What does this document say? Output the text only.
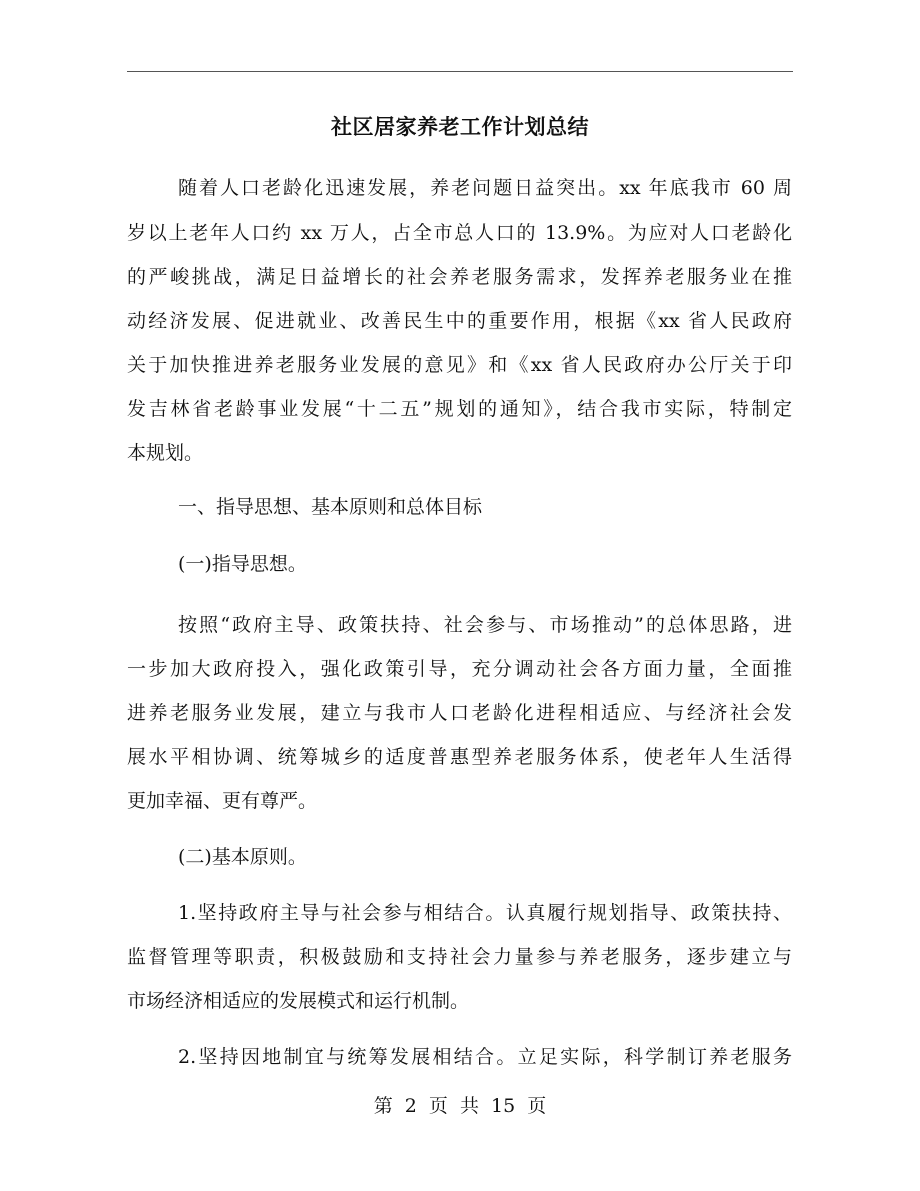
社区居家养老工作计划总结
随着人口老龄化迅速发展，养老问题日益突出。xx 年底我市 60 周
岁以上老年人口约 xx 万人，占全市总人口的 13.9%。为应对人口老龄化
的严峻挑战，满足日益增长的社会养老服务需求，发挥养老服务业在推
动经济发展、促进就业、改善民生中的重要作用，根据《xx 省人民政府
关于加快推进养老服务业发展的意见》和《xx 省人民政府办公厅关于印
发吉林省老龄事业发展“十二五”规划的通知》，结合我市实际，特制定
本规划。
一、指导思想、基本原则和总体目标
(一)指导思想。
按照“政府主导、政策扶持、社会参与、市场推动”的总体思路，进
一步加大政府投入，强化政策引导，充分调动社会各方面力量，全面推
进养老服务业发展，建立与我市人口老龄化进程相适应、与经济社会发
展水平相协调、统筹城乡的适度普惠型养老服务体系，使老年人生活得
更加幸福、更有尊严。
(二)基本原则。
1.坚持政府主导与社会参与相结合。认真履行规划指导、政策扶持、
监督管理等职责，积极鼓励和支持社会力量参与养老服务，逐步建立与
市场经济相适应的发展模式和运行机制。
2.坚持因地制宜与统筹发展相结合。立足实际，科学制订养老服务
第 2 页 共 15 页
